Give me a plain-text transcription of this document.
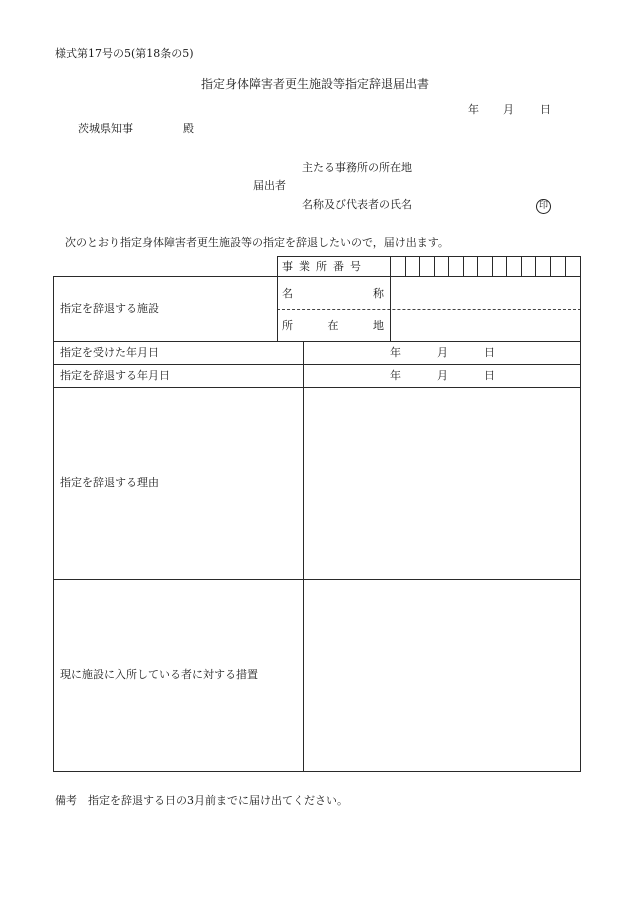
様式第17号の5(第18条の5)
指定身体障害者更生施設等指定辞退届出書
年 月 日
茨城県知事	殿
主たる事務所の所在地
届出者
名称及び代表者の氏名	印
次のとおり指定身体障害者更生施設等の指定を辞退したいので，届け出ます。
事業所番号
指定を辞退する施設
名	称
所	在	地
指定を受けた年月日	年	月	日
指定を辞退する年月日	年	月	日
指定を辞退する理由
現に施設に入所している者に対する措置
備考　指定を辞退する日の3月前までに届け出てください。
